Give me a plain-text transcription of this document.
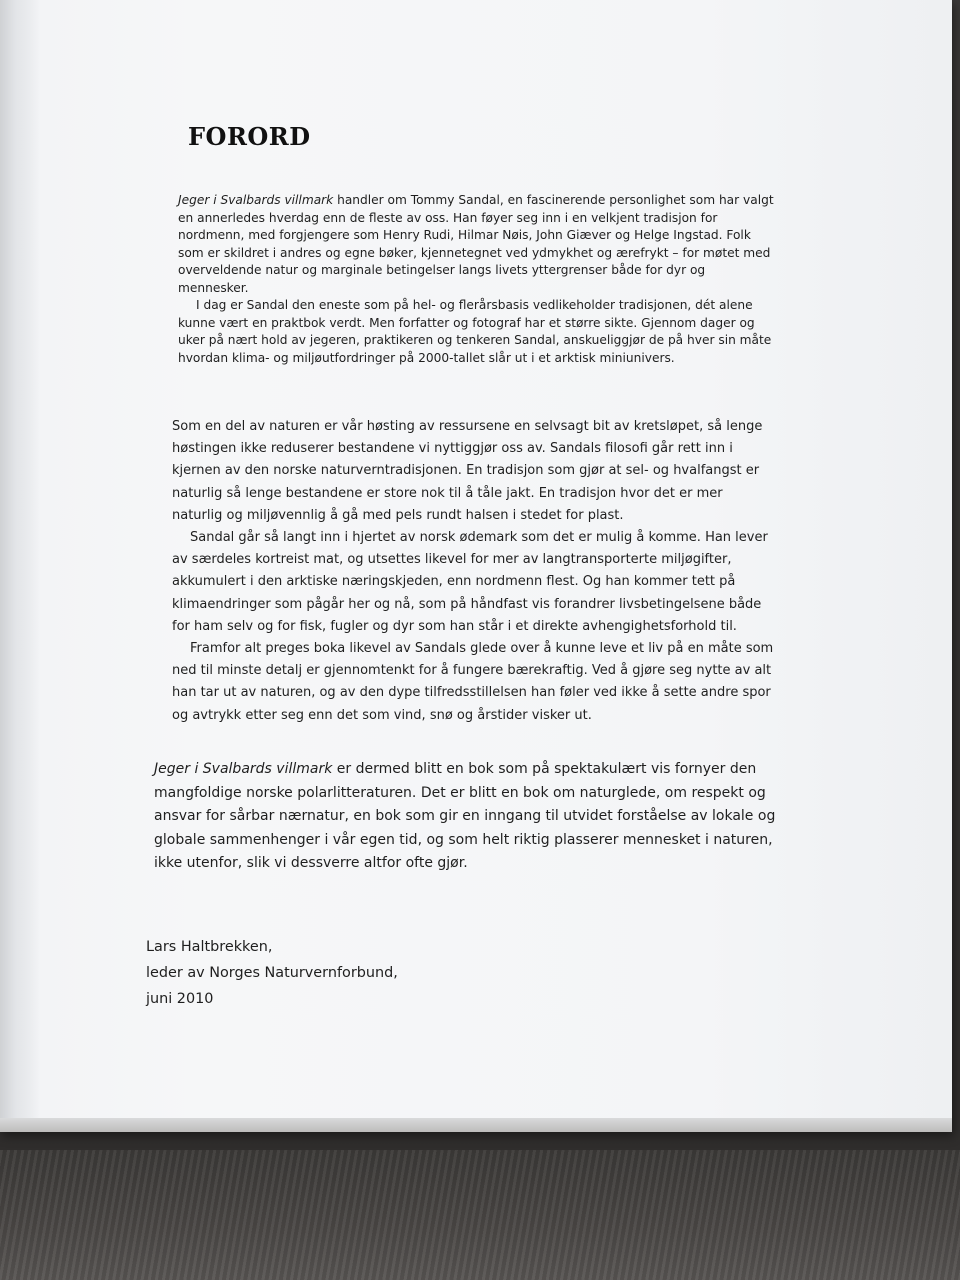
FORORD

Jeger i Svalbards villmark handler om Tommy Sandal, en fascinerende personlighet som har valgt en annerledes hverdag enn de fleste av oss. Han føyer seg inn i en velkjent tradisjon for nordmenn, med forgjengere som Henry Rudi, Hilmar Nøis, John Giæver og Helge Ingstad. Folk som er skildret i andres og egne bøker, kjennetegnet ved ydmykhet og ærefrykt – for møtet med overveldende natur og marginale betingelser langs livets yttergrenser både for dyr og mennesker.

I dag er Sandal den eneste som på hel- og flerårsbasis vedlikeholder tradisjonen, dét alene kunne vært en praktbok verdt. Men forfatter og fotograf har et større sikte. Gjennom dager og uker på nært hold av jegeren, praktikeren og tenkeren Sandal, anskueliggjør de på hver sin måte hvordan klima- og miljøutfordringer på 2000-tallet slår ut i et arktisk miniunivers.

Som en del av naturen er vår høsting av ressursene en selvsagt bit av kretsløpet, så lenge høstingen ikke reduserer bestandene vi nyttiggjør oss av. Sandals filosofi går rett inn i kjernen av den norske naturverntradisjonen. En tradisjon som gjør at sel- og hvalfangst er naturlig så lenge bestandene er store nok til å tåle jakt. En tradisjon hvor det er mer naturlig og miljøvennlig å gå med pels rundt halsen i stedet for plast.

Sandal går så langt inn i hjertet av norsk ødemark som det er mulig å komme. Han lever av særdeles kortreist mat, og utsettes likevel for mer av langtransporterte miljøgifter, akkumulert i den arktiske næringskjeden, enn nordmenn flest. Og han kommer tett på klimaendringer som pågår her og nå, som på håndfast vis forandrer livsbetingelsene både for ham selv og for fisk, fugler og dyr som han står i et direkte avhengighetsforhold til.

Framfor alt preges boka likevel av Sandals glede over å kunne leve et liv på en måte som ned til minste detalj er gjennomtenkt for å fungere bærekraftig. Ved å gjøre seg nytte av alt han tar ut av naturen, og av den dype tilfredsstillelsen han føler ved ikke å sette andre spor og avtrykk etter seg enn det som vind, snø og årstider visker ut.

Jeger i Svalbards villmark er dermed blitt en bok som på spektakulært vis fornyer den mangfoldige norske polarlitteraturen. Det er blitt en bok om naturglede, om respekt og ansvar for sårbar nærnatur, en bok som gir en inngang til utvidet forståelse av lokale og globale sammenhenger i vår egen tid, og som helt riktig plasserer mennesket i naturen, ikke utenfor, slik vi dessverre altfor ofte gjør.

Lars Haltbrekken,

leder av Norges Naturvernforbund,

juni 2010
